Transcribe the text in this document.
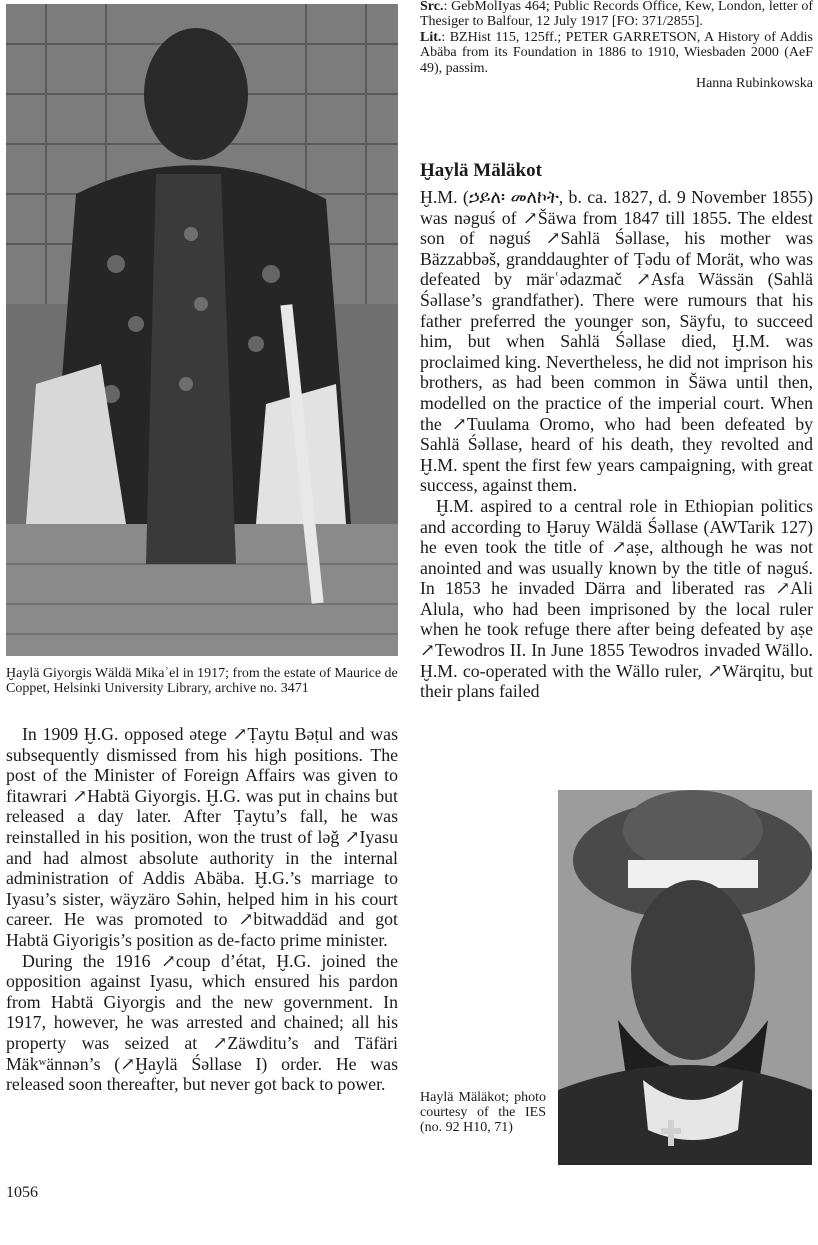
Ḫaylä Giyorgis Wäldä Mikaʾel in 1917; from the estate of Maurice de Coppet, Helsinki University Library, archive no. 3471

In 1909 Ḫ.G. opposed ətege ↗Ṭaytu Bəṭul and was subsequently dismissed from his high positions. The post of the Minister of Foreign Affairs was given to fitawrari ↗Habtä Giyorgis. Ḫ.G. was put in chains but released a day later. After Ṭaytu’s fall, he was reinstalled in his position, won the trust of ləǧ ↗Iyasu and had almost absolute authority in the internal administration of Addis Abäba. Ḫ.G.’s marriage to Iyasu’s sister, wäyzäro Səhin, helped him in his court career. He was promoted to ↗bitwaddäd and got Habtä Giyorigis’s position as de-facto prime minister.

During the 1916 ↗coup d’état, Ḫ.G. joined the opposition against Iyasu, which ensured his pardon from Habtä Giyorgis and the new government. In 1917, however, he was arrested and chained; all his property was seized at ↗Zäwditu’s and Täfäri Mäkʷännən’s (↗Ḫaylä Śəllase I) order. He was released soon thereafter, but never got back to power.

Src.: GebMolIyas 464; Public Records Office, Kew, London, letter of Thesiger to Balfour, 12 July 1917 [FO: 371/2855].

Lit.: BZHist 115, 125ff.; PETER GARRETSON, A History of Addis Abäba from its Foundation in 1886 to 1910, Wiesbaden 2000 (AeF 49), passim.

Hanna Rubinkowska

Ḫaylä Mäläkot

Ḫ.M. (ኃይለ፡ መለኮት, b. ca. 1827, d. 9 November 1855) was nəguś of ↗Šäwa from 1847 till 1855. The eldest son of nəguś ↗Sahlä Śəllase, his mother was Bäzzabbəš, granddaughter of Ṭədu of Morät, who was defeated by märʿədazmač ↗Asfa Wässän (Sahlä Śəllase’s grandfather). There were rumours that his father preferred the younger son, Säyfu, to succeed him, but when Sahlä Śəllase died, Ḫ.M. was proclaimed king. Nevertheless, he did not imprison his brothers, as had been common in Šäwa until then, modelled on the practice of the imperial court. When the ↗Tuulama Oromo, who had been defeated by Sahlä Śəllase, heard of his death, they revolted and Ḫ.M. spent the first few years campaigning, with great success, against them.

Ḫ.M. aspired to a central role in Ethiopian politics and according to Ḫəruy Wäldä Śəllase (AWTarik 127) he even took the title of ↗aṣe, although he was not anointed and was usually known by the title of nəguś. In 1853 he invaded Därra and liberated ras ↗Ali Alula, who had been imprisoned by the local ruler when he took refuge there after being defeated by aṣe ↗Tewodros II. In June 1855 Tewodros invaded Wällo. Ḫ.M. co-operated with the Wällo ruler, ↗Wärqitu, but their plans failed

Haylä Mäläkot; photo courtesy of the IES (no. 92 H10, 71)
1056
